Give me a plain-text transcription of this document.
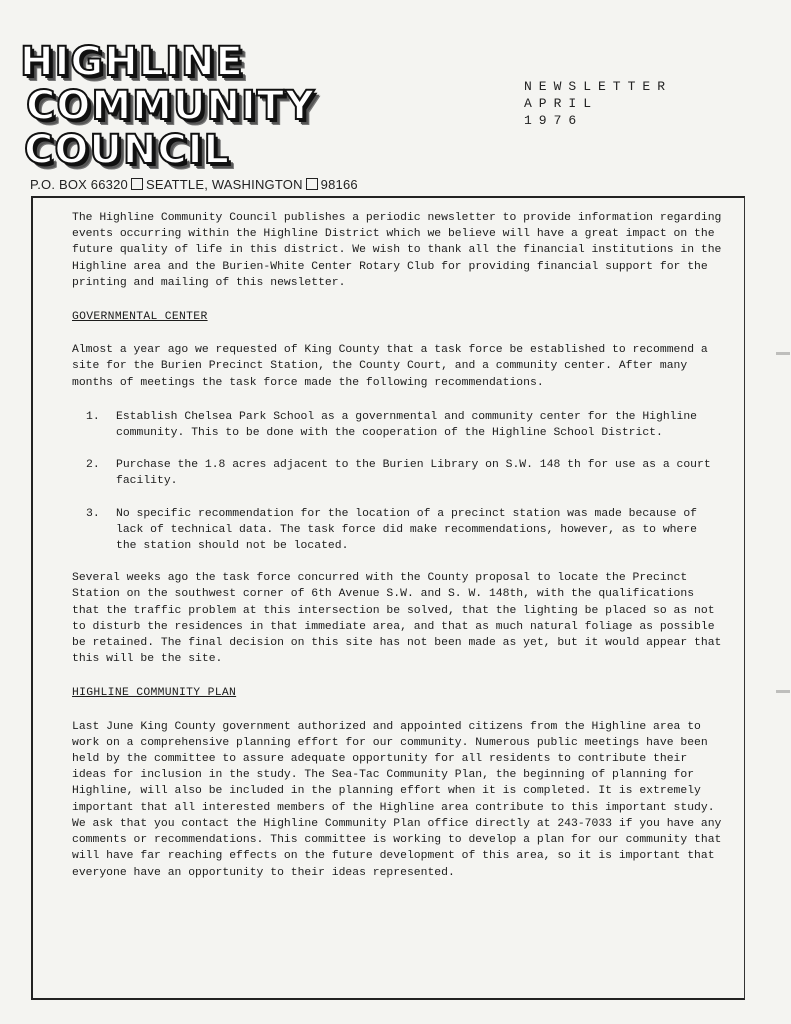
HIGHLINE
COMMUNITY
COUNCIL
NEWSLETTER
APRIL
1976
P.O. BOX 66320 SEATTLE, WASHINGTON 98166

The Highline Community Council publishes a periodic newsletter to provide information regarding events occurring within the Highline District which we believe will have a great impact on the future quality of life in this district. We wish to thank all the financial institutions in the Highline area and the Burien-White Center Rotary Club for providing financial support for the printing and mailing of this newsletter.

GOVERNMENTAL CENTER

Almost a year ago we requested of King County that a task force be established to recommend a site for the Burien Precinct Station, the County Court, and a community center. After many months of meetings the task force made the following recommendations.

1. Establish Chelsea Park School as a governmental and community center for the Highline community. This to be done with the cooperation of the Highline School District.
2. Purchase the 1.8 acres adjacent to the Burien Library on S.W. 148 th for use as a court facility.
3. No specific recommendation for the location of a precinct station was made because of lack of technical data. The task force did make recommendations, however, as to where the station should not be located.

Several weeks ago the task force concurred with the County proposal to locate the Precinct Station on the southwest corner of 6th Avenue S.W. and S. W. 148th, with the qualifications that the traffic problem at this intersection be solved, that the lighting be placed so as not to disturb the residences in that immediate area, and that as much natural foliage as possible be retained. The final decision on this site has not been made as yet, but it would appear that this will be the site.

HIGHLINE COMMUNITY PLAN

Last June King County government authorized and appointed citizens from the Highline area to work on a comprehensive planning effort for our community. Numerous public meetings have been held by the committee to assure adequate opportunity for all residents to contribute their ideas for inclusion in the study. The Sea-Tac Community Plan, the beginning of planning for Highline, will also be included in the planning effort when it is completed. It is extremely important that all interested members of the Highline area contribute to this important study. We ask that you contact the Highline Community Plan office directly at 243-7033 if you have any comments or recommendations. This committee is working to develop a plan for our community that will have far reaching effects on the future development of this area, so it is important that everyone have an opportunity to their ideas represented.
